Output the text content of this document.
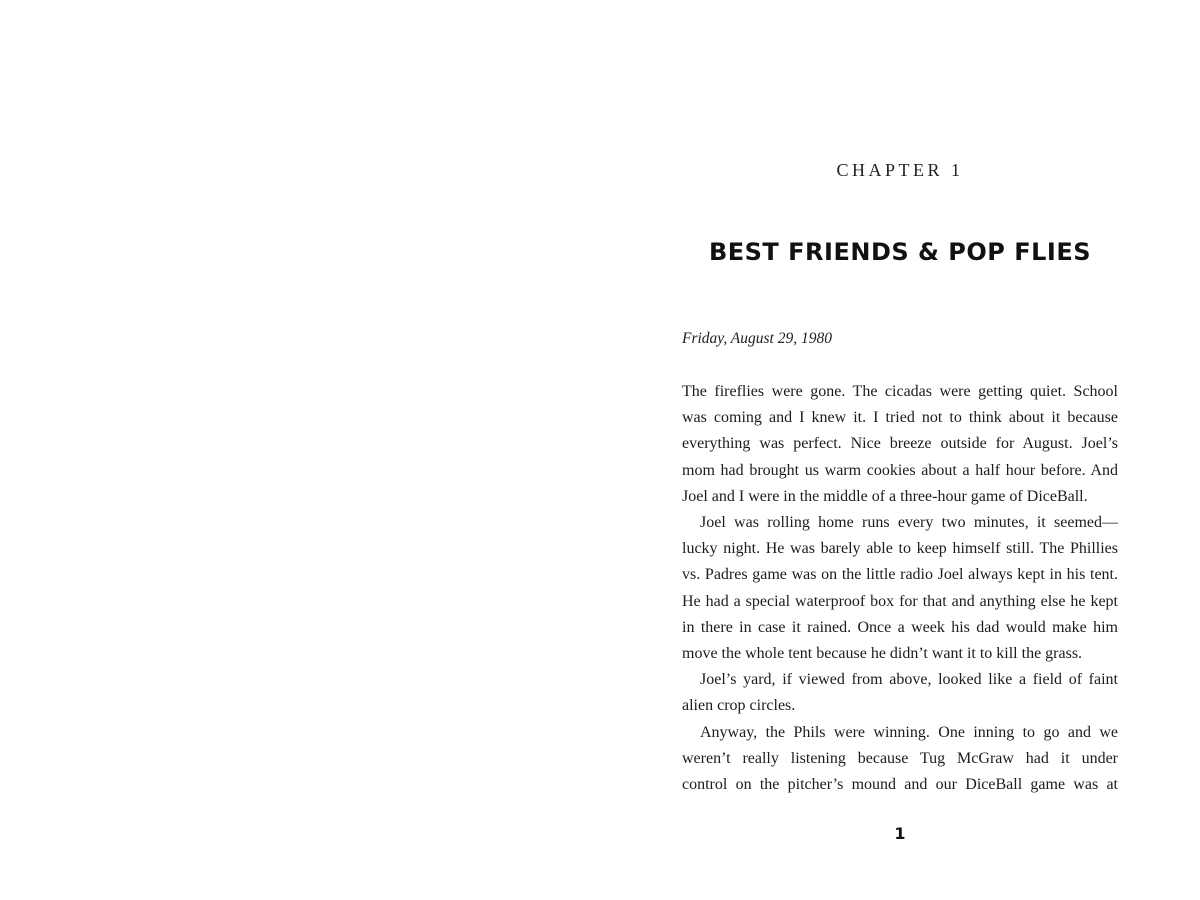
CHAPTER 1
BEST FRIENDS & POP FLIES
Friday, August 29, 1980
The fireflies were gone. The cicadas were getting quiet. School
was coming and I knew it. I tried not to think about it because
everything was perfect. Nice breeze outside for August. Joel’s
mom had brought us warm cookies about a half hour before. And
Joel and I were in the middle of a three-hour game of DiceBall.
Joel was rolling home runs every two minutes, it seemed—
lucky night. He was barely able to keep himself still. The Phillies
vs. Padres game was on the little radio Joel always kept in his tent.
He had a special waterproof box for that and anything else he kept
in there in case it rained. Once a week his dad would make him
move the whole tent because he didn’t want it to kill the grass.
Joel’s yard, if viewed from above, looked like a field of faint
alien crop circles.
Anyway, the Phils were winning. One inning to go and we
weren’t really listening because Tug McGraw had it under
control on the pitcher’s mound and our DiceBall game was at
1
